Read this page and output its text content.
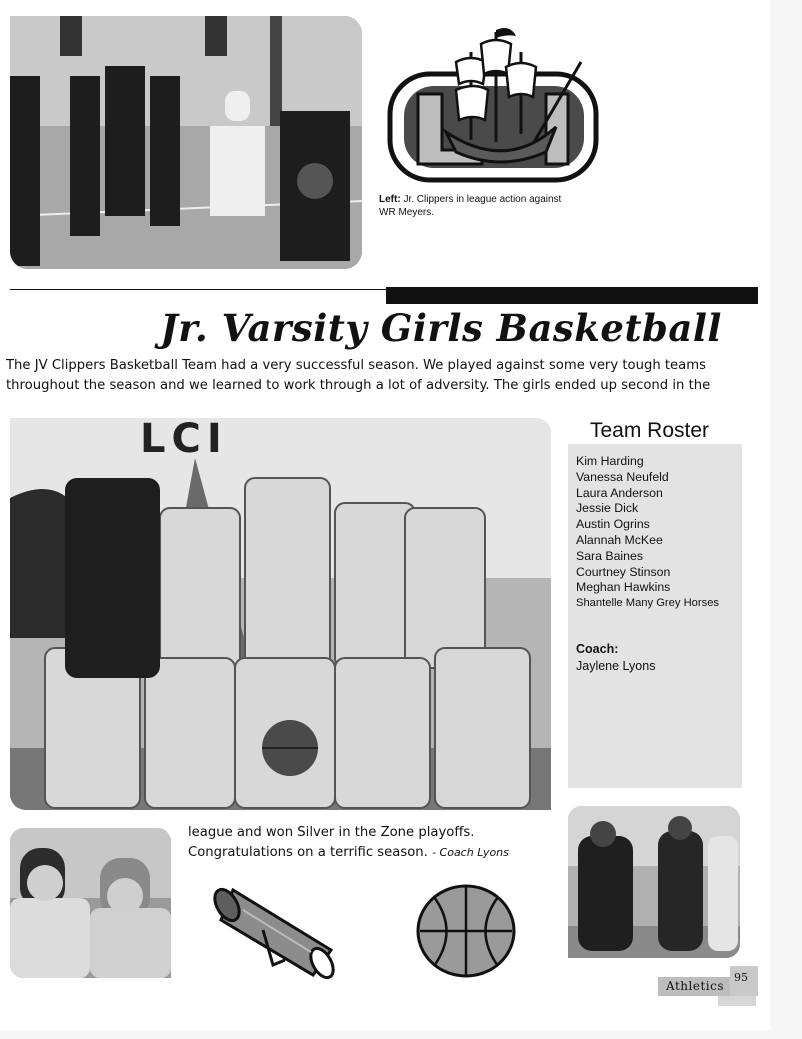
Left: Jr. Clippers in league action against WR Meyers.
Jr. Varsity Girls Basketball
The JV Clippers Basketball Team had a very successful season. We played against some very tough teams
throughout the season and we learned to work through a lot of adversity. The girls ended up second in the
LCI	Team Roster
Kim Harding
Vanessa Neufeld
Laura Anderson
Jessie Dick
Austin Ogrins
Alannah McKee
Sara Baines
Courtney Stinson
Meghan Hawkins
Shantelle Many Grey Horses
Coach:
Jaylene Lyons
league and won Silver in the Zone playoffs.
Congratulations on a terrific season. - Coach Lyons
Athletics
95
